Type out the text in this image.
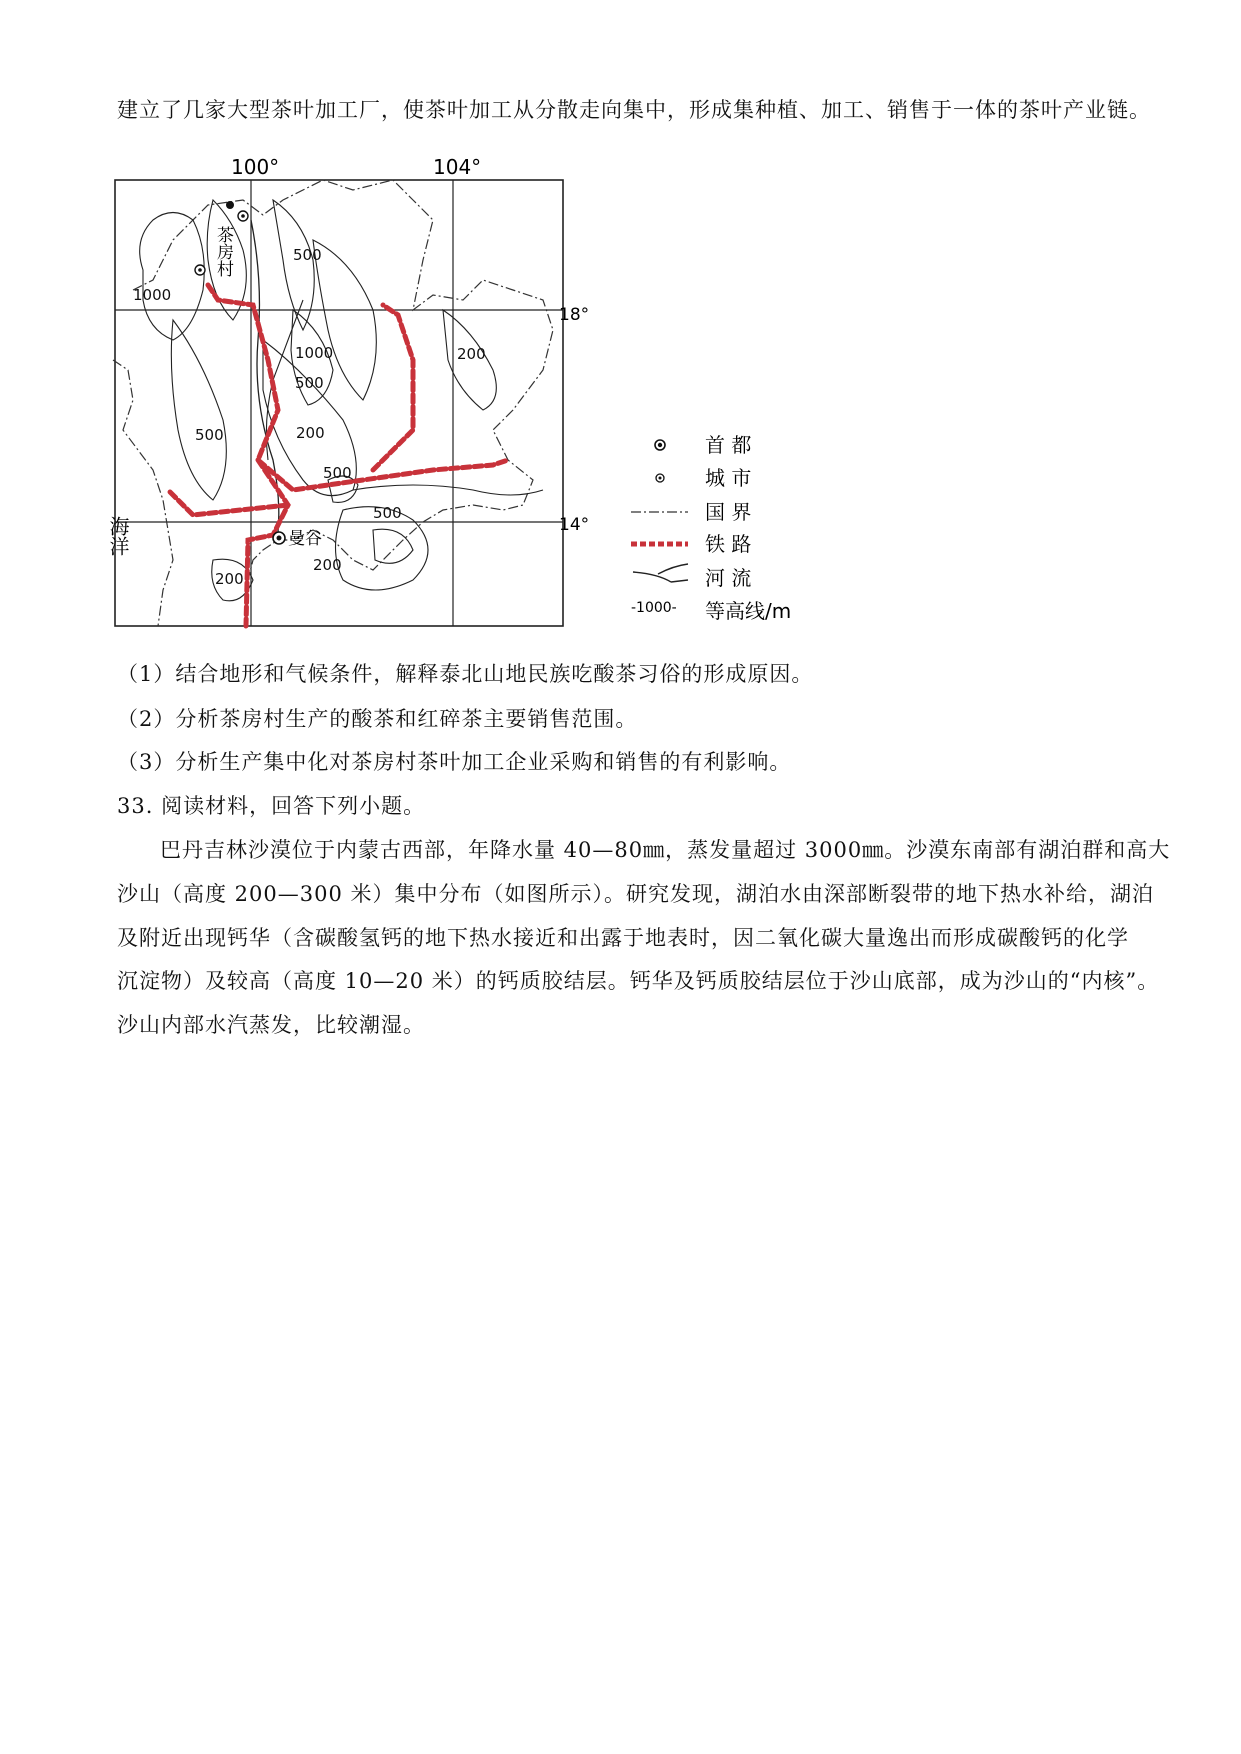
建立了几家大型茶叶加工厂，使茶叶加工从分散走向集中，形成集种植、加工、销售于一体的茶叶产业链。
100°	104°
18°
14°
500
1000
1000
500
200
500
500
200
500
200
200
茶房村
曼谷
海洋
首 都
城 市
国 界
铁 路
河 流
-1000- 等高线/m
（1）结合地形和气候条件，解释泰北山地民族吃酸茶习俗的形成原因。
（2）分析茶房村生产的酸茶和红碎茶主要销售范围。
（3）分析生产集中化对茶房村茶叶加工企业采购和销售的有利影响。
33. 阅读材料，回答下列小题。
巴丹吉林沙漠位于内蒙古西部，年降水量 40—80㎜，蒸发量超过 3000㎜。沙漠东南部有湖泊群和高大
沙山（高度 200—300 米）集中分布（如图所示）。研究发现，湖泊水由深部断裂带的地下热水补给，湖泊
及附近出现钙华（含碳酸氢钙的地下热水接近和出露于地表时，因二氧化碳大量逸出而形成碳酸钙的化学
沉淀物）及较高（高度 10—20 米）的钙质胶结层。钙华及钙质胶结层位于沙山底部，成为沙山的“内核”。
沙山内部水汽蒸发，比较潮湿。
